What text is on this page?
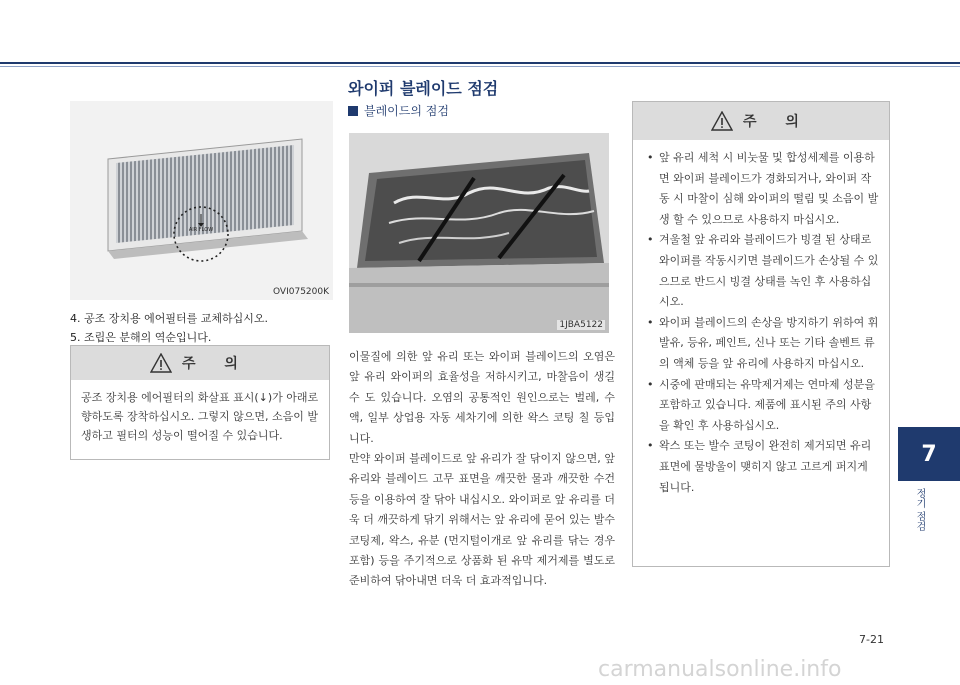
AIR FLOW
OVI075200K
4. 공조 장치용 에어필터를 교체하십시오.
5. 조립은 분해의 역순입니다.
주 의
공조 장치용 에어필터의 화살표 표시(↓)가 아래로 향하도록 장착하십시오. 그렇지 않으면, 소음이 발생하고 필터의 성능이 떨어질 수 있습니다.
와이퍼 블레이드 점검
블레이드의 점검
1JBA5122

이물질에 의한 앞 유리 또는 와이퍼 블레이드의 오염은 앞 유리 와이퍼의 효율성을 저하시키고, 마찰음이 생길 수 도 있습니다. 오염의 공통적인 원인으로는 벌레, 수액, 일부 상업용 자동 세차기에 의한 왁스 코팅 칠 등입니다.

만약 와이퍼 블레이드로 앞 유리가 잘 닦이지 않으면, 앞 유리와 블레이드 고무 표면을 깨끗한 물과 깨끗한 수건 등을 이용하여 잘 닦아 내십시오. 와이퍼로 앞 유리를 더욱 더 깨끗하게 닦기 위해서는 앞 유리에 묻어 있는 발수 코팅제, 왁스, 유분 (먼지털이개로 앞 유리를 닦는 경우 포함) 등을 주기적으로 상품화 된 유막 제거제를 별도로 준비하여 닦아내면 더욱 더 효과적입니다.

주 의
• 앞 유리 세척 시 비눗물 및 합성세제를 이용하면 와이퍼 블레이드가 경화되거나, 와이퍼 작동 시 마찰이 심해 와이퍼의 떨림 및 소음이 발생 할 수 있으므로 사용하지 마십시오.
• 겨울철 앞 유리와 블레이드가 빙결 된 상태로 와이퍼를 작동시키면 블레이드가 손상될 수 있으므로 반드시 빙결 상태를 녹인 후 사용하십시오.
• 와이퍼 블레이드의 손상을 방지하기 위하여 휘발유, 등유, 페인트, 신나 또는 기타 솔벤트 류의 액체 등을 앞 유리에 사용하지 마십시오.
• 시중에 판매되는 유막제거제는 연마제 성분을 포함하고 있습니다. 제품에 표시된 주의 사항을 확인 후 사용하십시오.
• 왁스 또는 발수 코팅이 완전히 제거되면 유리표면에 물방울이 맺히지 않고 고르게 퍼지게 됩니다.
7
정기 점검
7-21
carmanualsonline.info
